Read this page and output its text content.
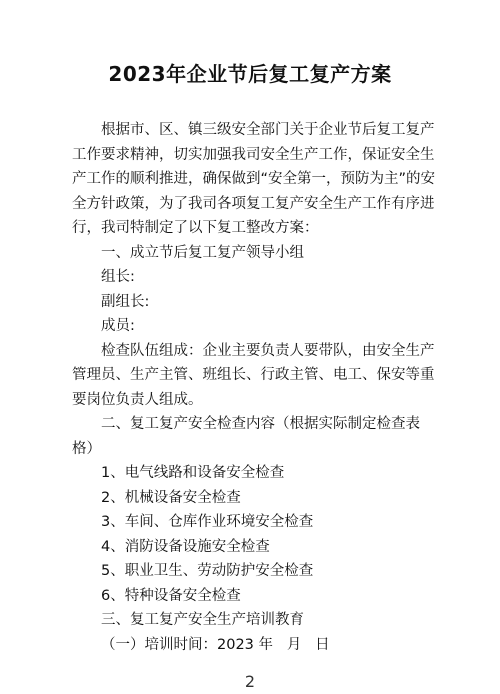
2023年企业节后复工复产方案

根据市、区、镇三级安全部门关于企业节后复工复产工作要求精神，切实加强我司安全生产工作，保证安全生产工作的顺利推进，确保做到“安全第一，预防为主”的安全方针政策，为了我司各项复工复产安全生产工作有序进行，我司特制定了以下复工整改方案：

一、成立节后复工复产领导小组

组长:

副组长:

成员:

检查队伍组成：企业主要负责人要带队，由安全生产管理员、生产主管、班组长、行政主管、电工、保安等重要岗位负责人组成。

二、复工复产安全检查内容（根据实际制定检查表格）

1、电气线路和设备安全检查

2、机械设备安全检查

3、车间、仓库作业环境安全检查

4、消防设备设施安全检查

5、职业卫生、劳动防护安全检查

6、特种设备安全检查

三、复工复产安全生产培训教育

（一）培训时间：2023 年   月   日

2
